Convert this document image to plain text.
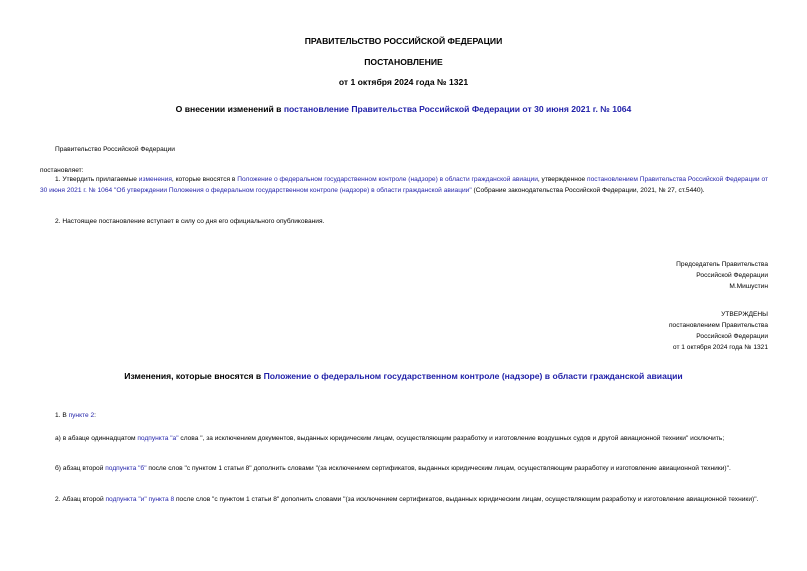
ПРАВИТЕЛЬСТВО РОССИЙСКОЙ ФЕДЕРАЦИИ
ПОСТАНОВЛЕНИЕ
от 1 октября 2024 года № 1321
О внесении изменений в постановление Правительства Российской Федерации от 30 июня 2021 г. № 1064
Правительство Российской Федерации
постановляет:
1. Утвердить прилагаемые изменения, которые вносятся в Положение о федеральном государственном контроле (надзоре) в области гражданской авиации, утвержденное постановлением Правительства Российской Федерации от 30 июня 2021 г. № 1064 "Об утверждении Положения о федеральном государственном контроле (надзоре) в области гражданской авиации" (Собрание законодательства Российской Федерации, 2021, № 27, ст.5440).
2. Настоящее постановление вступает в силу со дня его официального опубликования.
Председатель Правительства
Российской Федерации
М.Мишустин
УТВЕРЖДЕНЫ
постановлением Правительства
Российской Федерации
от 1 октября 2024 года № 1321
Изменения, которые вносятся в Положение о федеральном государственном контроле (надзоре) в области гражданской авиации
1. В пункте 2:
а) в абзаце одиннадцатом подпункта "а" слова ", за исключением документов, выданных юридическим лицам, осуществляющим разработку и изготовление воздушных судов и другой авиационной техники" исключить;
б) абзац второй подпункта "б" после слов "с пунктом 1 статьи 8" дополнить словами "(за исключением сертификатов, выданных юридическим лицам, осуществляющим разработку и изготовление авиационной техники)".
2. Абзац второй подпункта "и" пункта 8 после слов "с пунктом 1 статьи 8" дополнить словами "(за исключением сертификатов, выданных юридическим лицам, осуществляющим разработку и изготовление авиационной техники)".
